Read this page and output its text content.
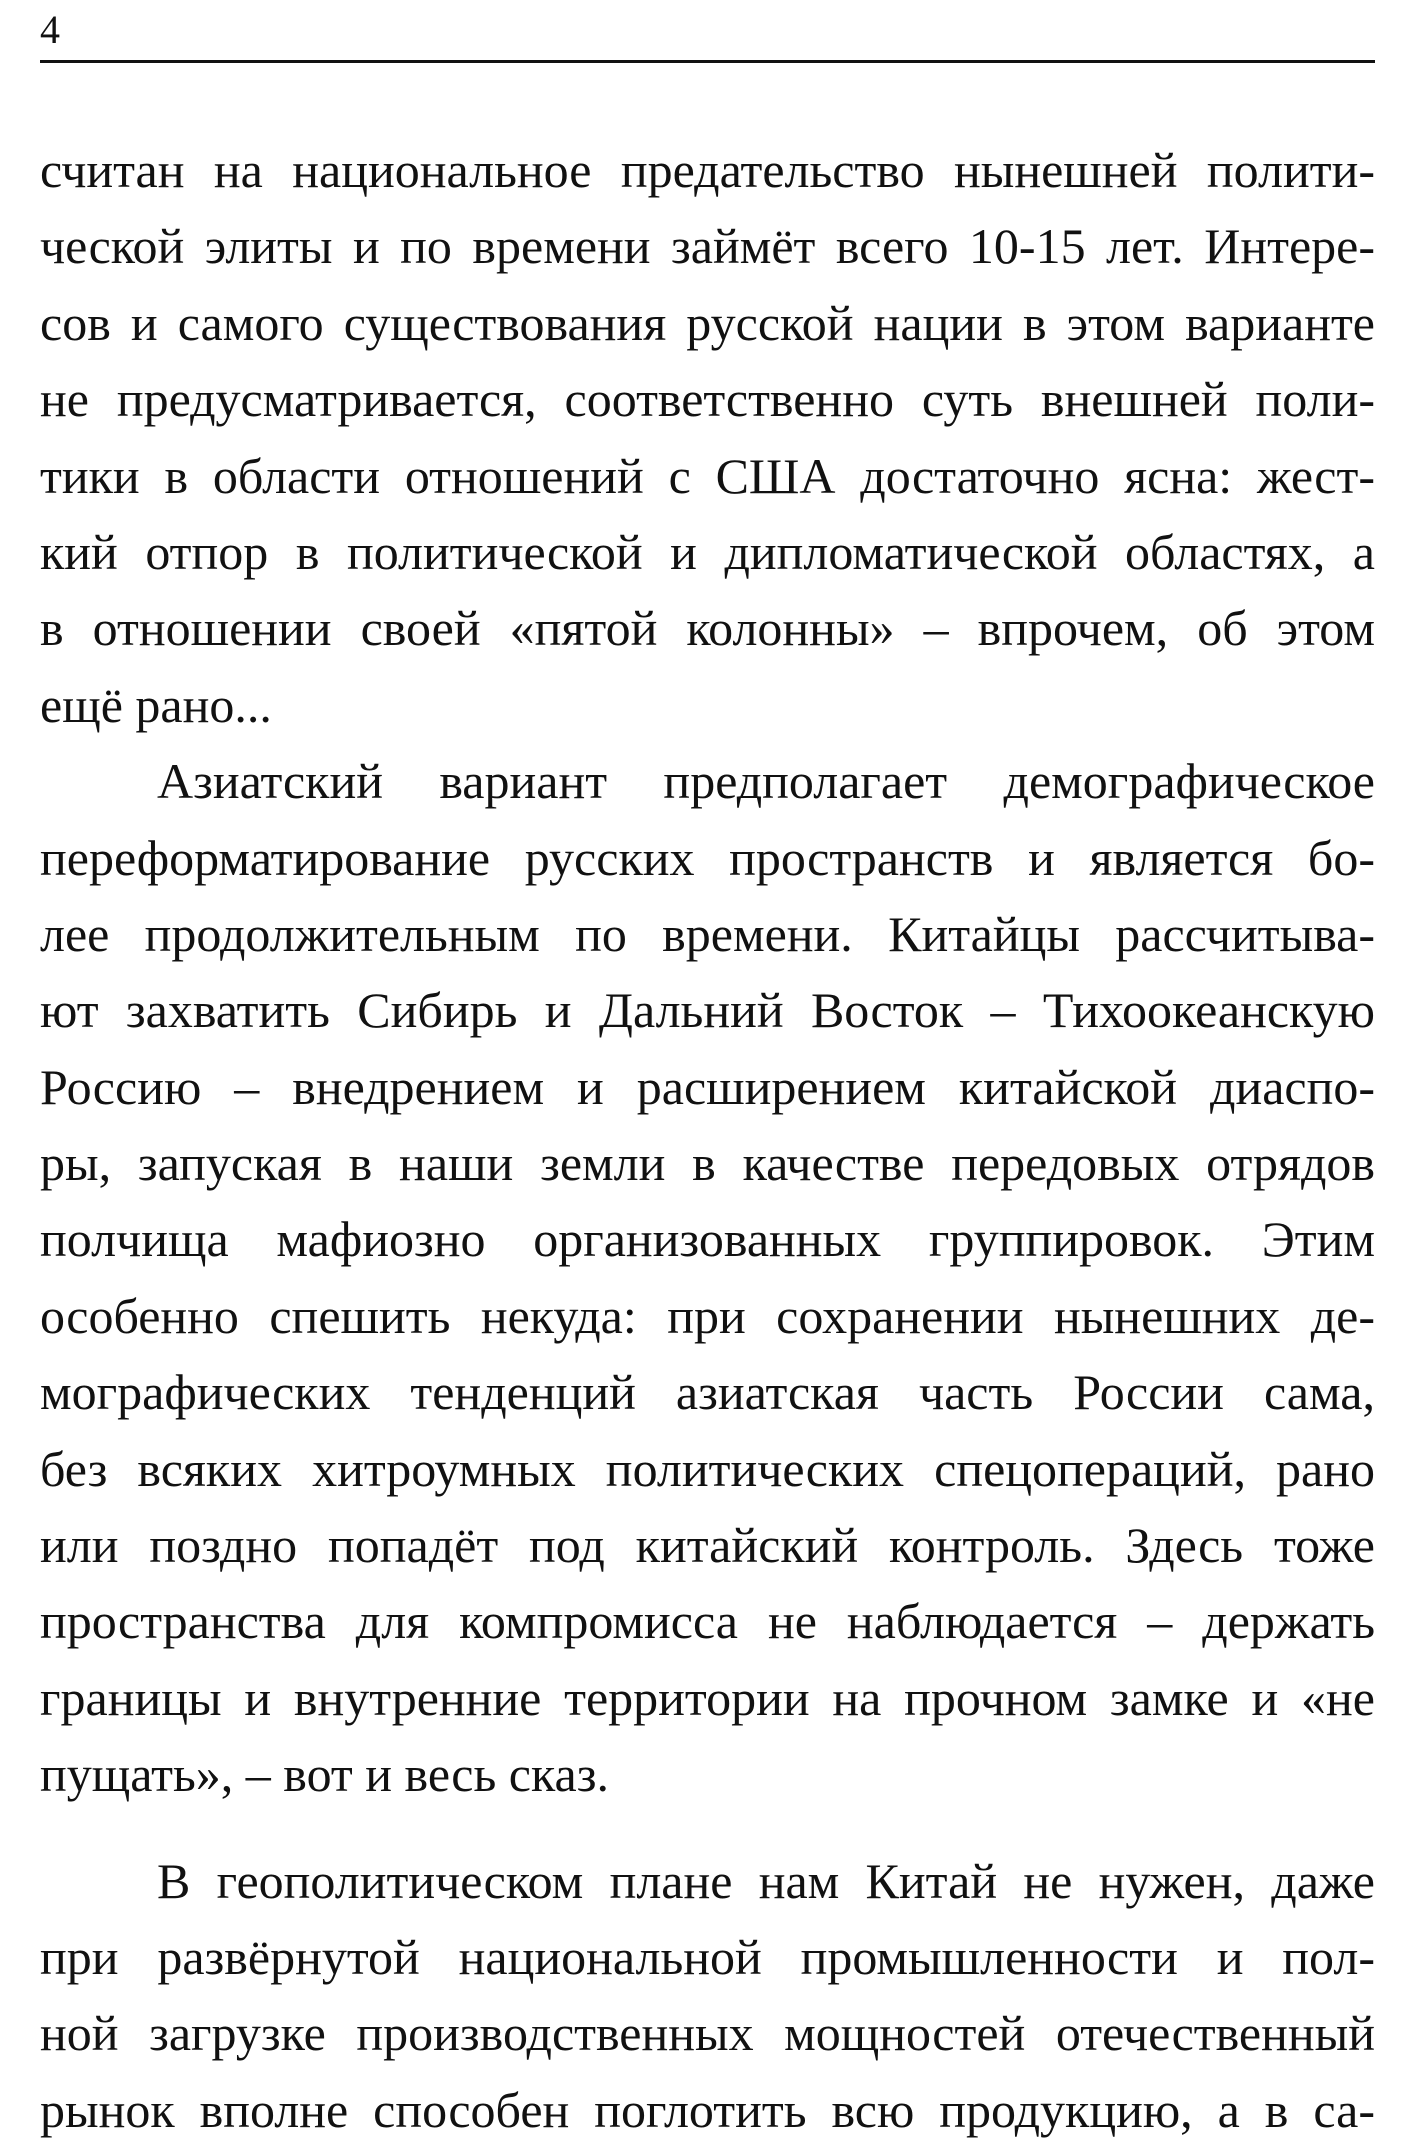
4
считан на национальное предательство нынешней полити-
ческой элиты и по времени займёт всего 10-15 лет. Интере-
сов и самого существования русской нации в этом варианте
не предусматривается, соответственно суть внешней поли-
тики в области отношений с США достаточно ясна: жест-
кий отпор в политической и дипломатической областях, а
в отношении своей «пятой колонны» – впрочем, об этом
ещё рано...
Азиатский вариант предполагает демографическое
переформатирование русских пространств и является бо-
лее продолжительным по времени. Китайцы рассчитыва-
ют захватить Сибирь и Дальний Восток – Тихоокеанскую
Россию – внедрением и расширением китайской диаспо-
ры, запуская в наши земли в качестве передовых отрядов
полчища мафиозно организованных группировок. Этим
особенно спешить некуда: при сохранении нынешних де-
мографических тенденций азиатская часть России сама,
без всяких хитроумных политических спецопераций, рано
или поздно попадёт под китайский контроль. Здесь тоже
пространства для компромисса не наблюдается – держать
границы и внутренние территории на прочном замке и «не
пущать», – вот и весь сказ.
В геополитическом плане нам Китай не нужен, даже
при развёрнутой национальной промышленности и пол-
ной загрузке производственных мощностей отечественный
рынок вполне способен поглотить всю продукцию, а в са-
